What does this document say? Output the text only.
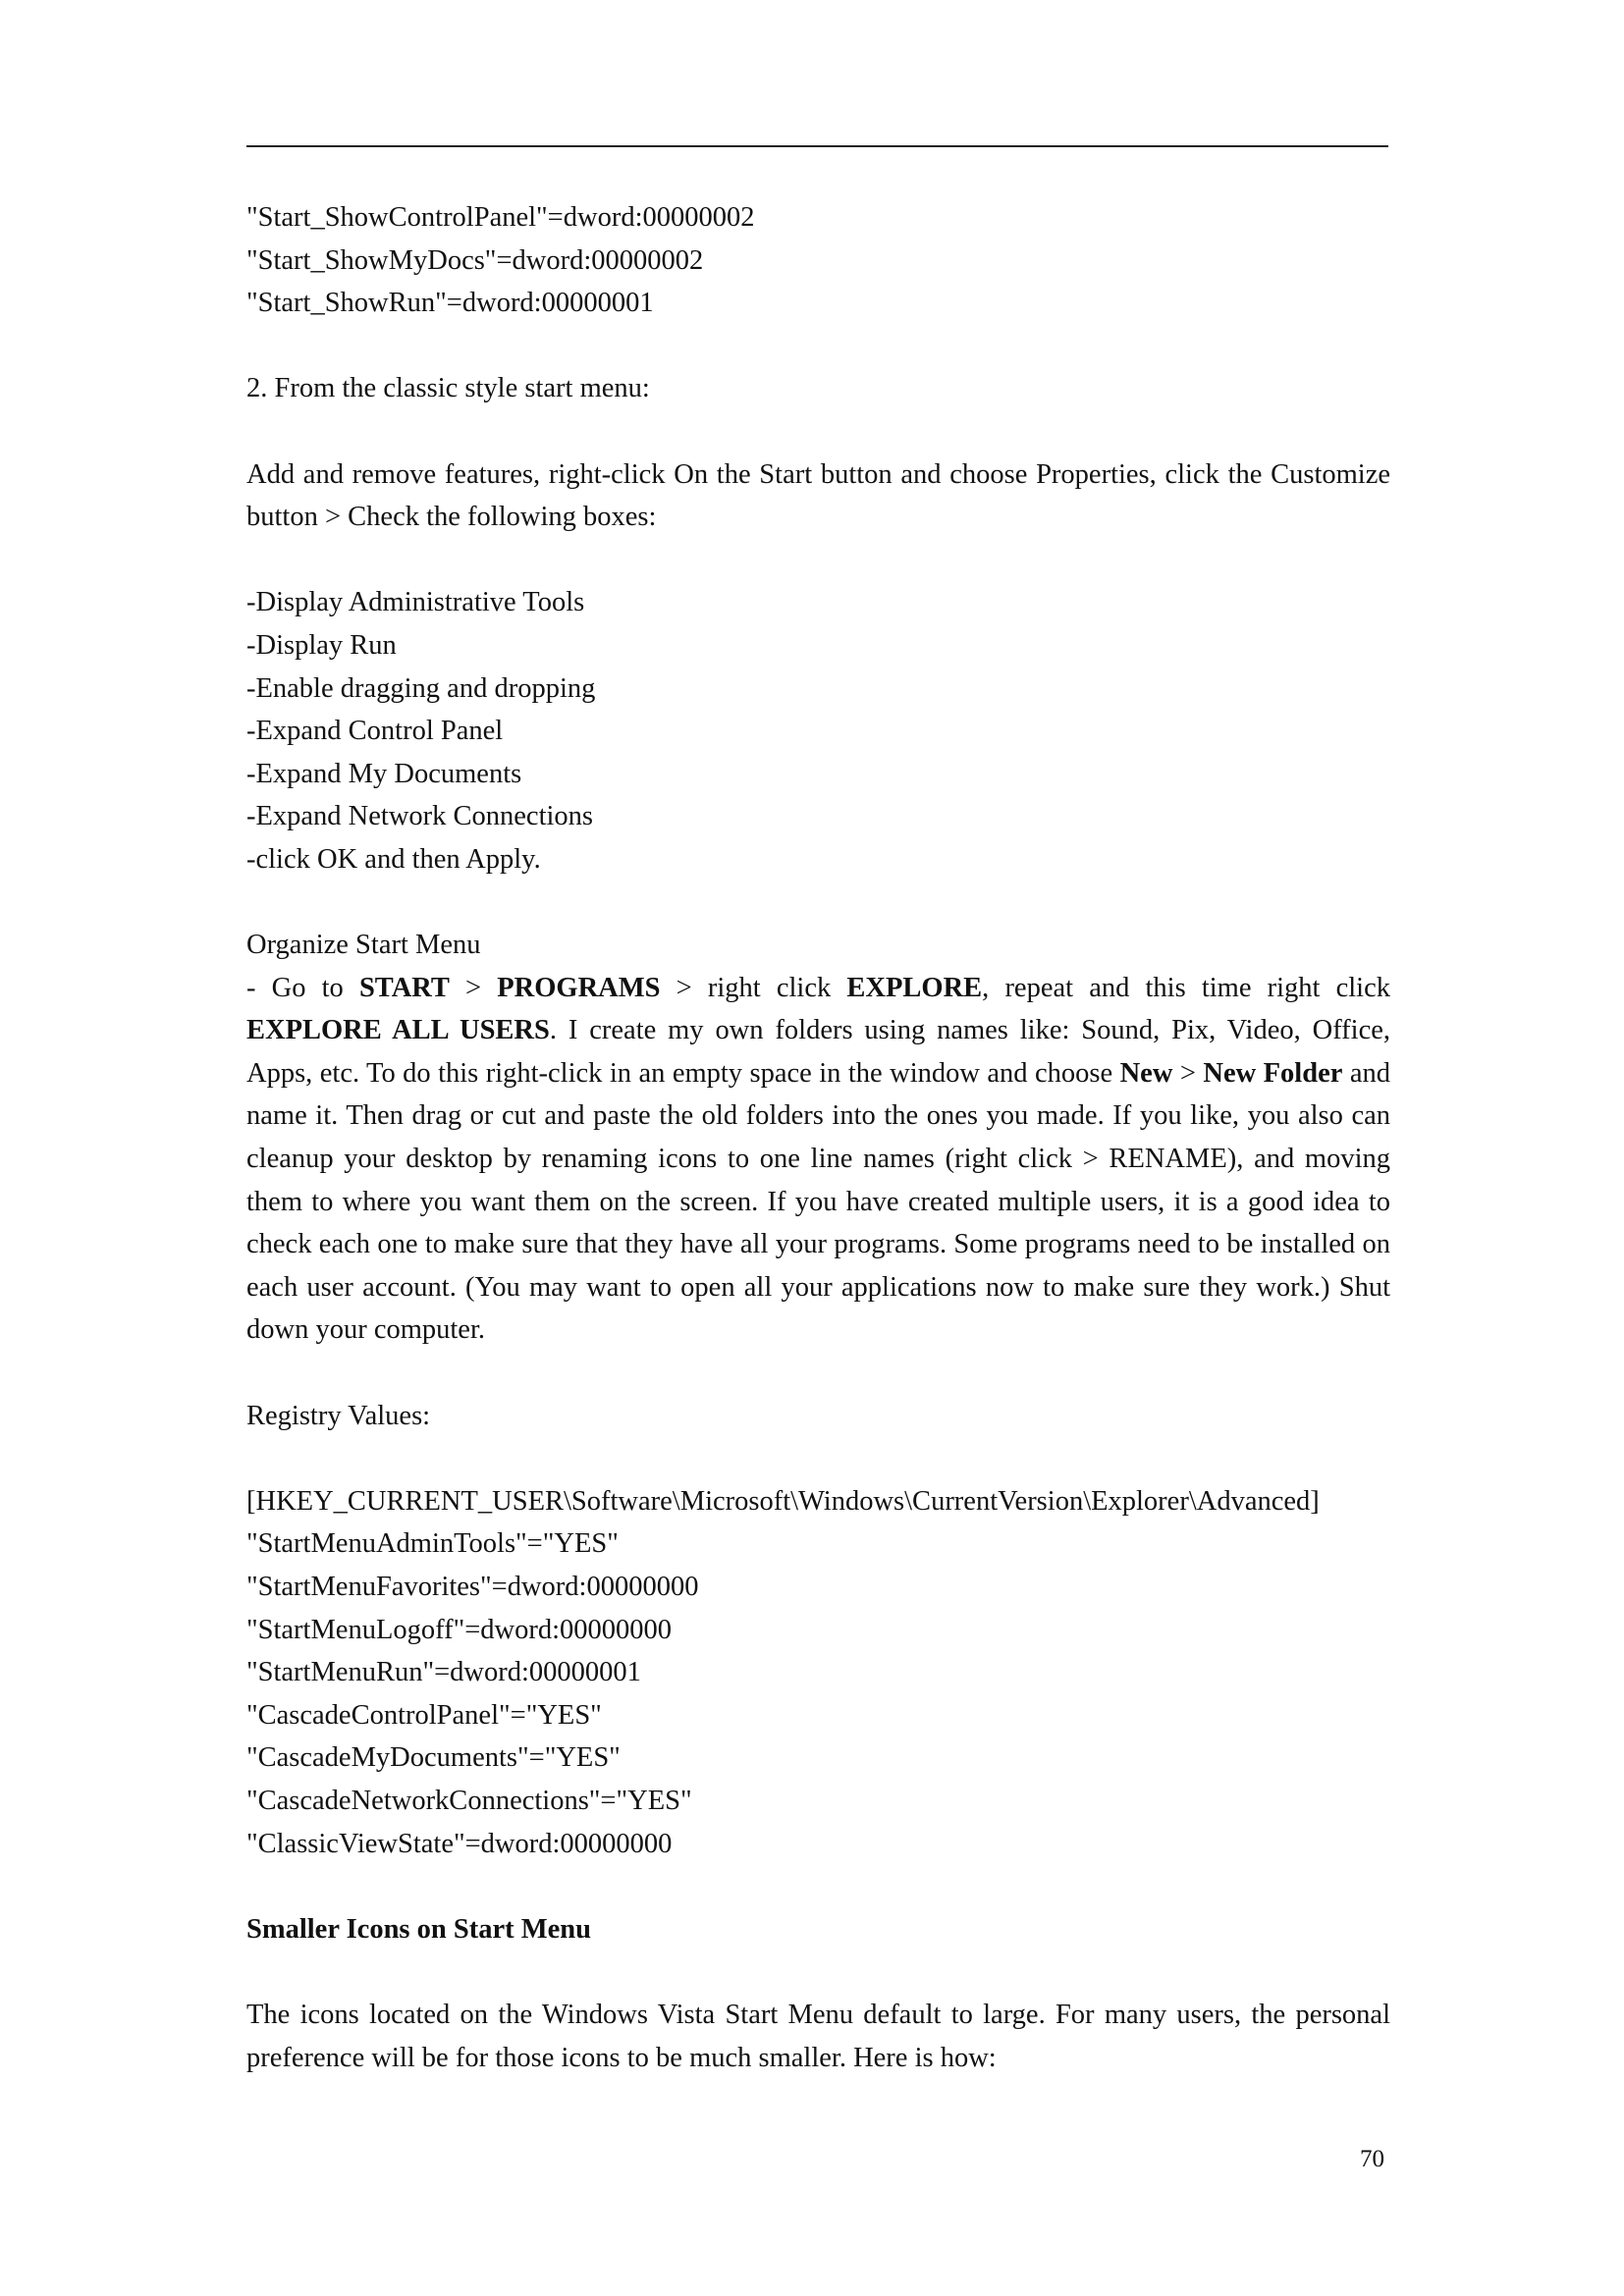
"Start_ShowControlPanel"=dword:00000002
"Start_ShowMyDocs"=dword:00000002
"Start_ShowRun"=dword:00000001
2. From the classic style start menu:
Add and remove features, right-click On the Start button and choose Properties, click the Customize button > Check the following boxes:
-Display Administrative Tools
-Display Run
-Enable dragging and dropping
-Expand Control Panel
-Expand My Documents
-Expand Network Connections
-click OK and then Apply.
Organize Start Menu
- Go to START > PROGRAMS > right click EXPLORE, repeat and this time right click EXPLORE ALL USERS. I create my own folders using names like: Sound, Pix, Video, Office, Apps, etc. To do this right-click in an empty space in the window and choose New > New Folder and name it. Then drag or cut and paste the old folders into the ones you made. If you like, you also can cleanup your desktop by renaming icons to one line names (right click > RENAME), and moving them to where you want them on the screen. If you have created multiple users, it is a good idea to check each one to make sure that they have all your programs. Some programs need to be installed on each user account. (You may want to open all your applications now to make sure they work.) Shut down your computer.
Registry Values:
[HKEY_CURRENT_USER\Software\Microsoft\Windows\CurrentVersion\Explorer\Advanced]
"StartMenuAdminTools"="YES"
"StartMenuFavorites"=dword:00000000
"StartMenuLogoff"=dword:00000000
"StartMenuRun"=dword:00000001
"CascadeControlPanel"="YES"
"CascadeMyDocuments"="YES"
"CascadeNetworkConnections"="YES"
"ClassicViewState"=dword:00000000
Smaller Icons on Start Menu
The icons located on the Windows Vista Start Menu default to large. For many users, the personal preference will be for those icons to be much smaller. Here is how:
70
